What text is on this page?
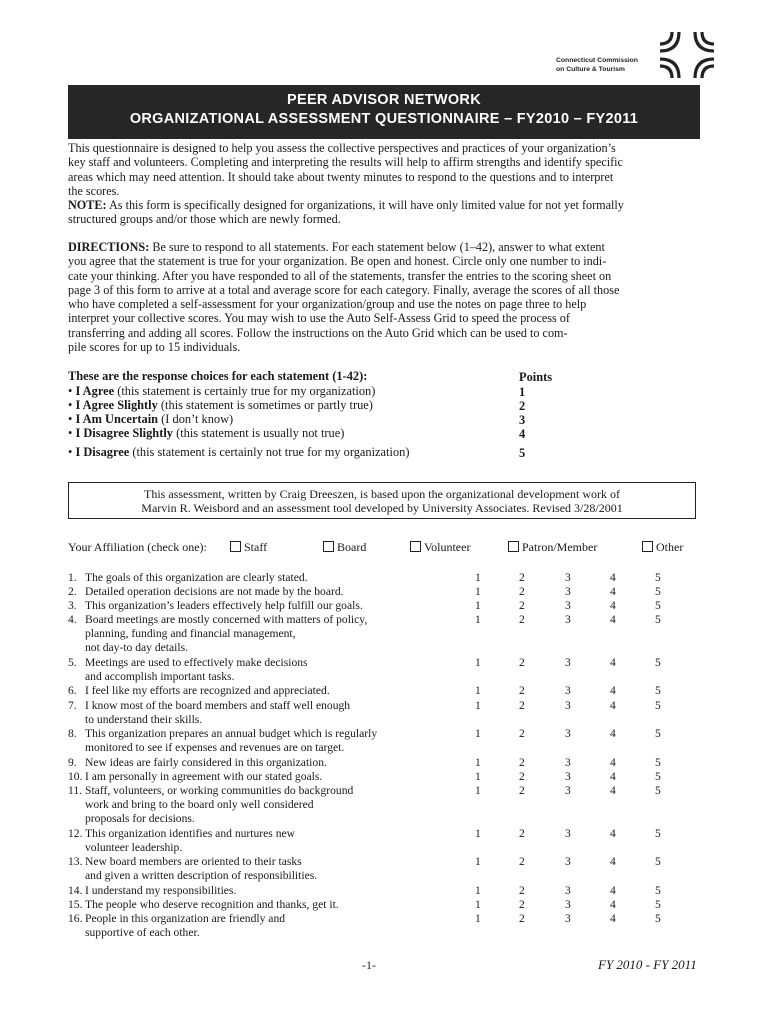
Connecticut Commission
on Culture & Tourism
PEER ADVISOR NETWORK
ORGANIZATIONAL ASSESSMENT QUESTIONNAIRE – FY2010 – FY2011
This questionnaire is designed to help you assess the collective perspectives and practices of your organization’s
key staff and volunteers. Completing and interpreting the results will help to affirm strengths and identify specific
areas which may need attention. It should take about twenty minutes to respond to the questions and to interpret
the scores.
NOTE: As this form is specifically designed for organizations, it will have only limited value for not yet formally
structured groups and/or those which are newly formed.
DIRECTIONS: Be sure to respond to all statements. For each statement below (1–42), answer to what extent
you agree that the statement is true for your organization. Be open and honest. Circle only one number to indi-
cate your thinking. After you have responded to all of the statements, transfer the entries to the scoring sheet on
page 3 of this form to arrive at a total and average score for each category. Finally, average the scores of all those
who have completed a self-assessment for your organization/group and use the notes on page three to help
interpret your collective scores. You may wish to use the Auto Self-Assess Grid to speed the process of
transferring and adding all scores. Follow the instructions on the Auto Grid which can be used to com-
pile scores for up to 15 individuals.
These are the response choices for each statement (1-42):	Points
• I Agree (this statement is certainly true for my organization)	1
• I Agree Slightly (this statement is sometimes or partly true)	2
• I Am Uncertain (I don’t know)	3
• I Disagree Slightly (this statement is usually not true)	4
• I Disagree (this statement is certainly not true for my organization)	5
This assessment, written by Craig Dreeszen, is based upon the organizational development work of
Marvin R. Weisbord and an assessment tool developed by University Associates. Revised 3/28/2001
Your Affiliation (check one):	Staff	Board	Volunteer	Patron/Member	Other
-1-	FY 2010 - FY 2011
1. The goals of this organization are clearly stated.	1	2	3	4	5
2. Detailed operation decisions are not made by the board.	1	2	3	4	5
3. This organization’s leaders effectively help fulfill our goals.	1	2	3	4	5
4. Board meetings are mostly concerned with matters of policy,
planning, funding and financial management,
not day-to day details.
1	2	3	4	5
5. Meetings are used to effectively make decisions
and accomplish important tasks.
1	2	3	4	5
6. I feel like my efforts are recognized and appreciated.	1	2	3	4	5
7. I know most of the board members and staff well enough
to understand their skills.
1	2	3	4	5
8. This organization prepares an annual budget which is regularly
monitored to see if expenses and revenues are on target.
1	2	3	4	5
9. New ideas are fairly considered in this organization.	1	2	3	4	5
10. I am personally in agreement with our stated goals.	1	2	3	4	5
11. Staff, volunteers, or working communities do background
work and bring to the board only well considered
proposals for decisions.
1	2	3	4	5
12. This organization identifies and nurtures new
volunteer leadership.
1	2	3	4	5
13. New board members are oriented to their tasks
and given a written description of responsibilities.
1	2	3	4	5
14. I understand my responsibilities.	1	2	3	4	5
15. The people who deserve recognition and thanks, get it.	1	2	3	4	5
16. People in this organization are friendly and
supportive of each other.
1	2	3	4	5
